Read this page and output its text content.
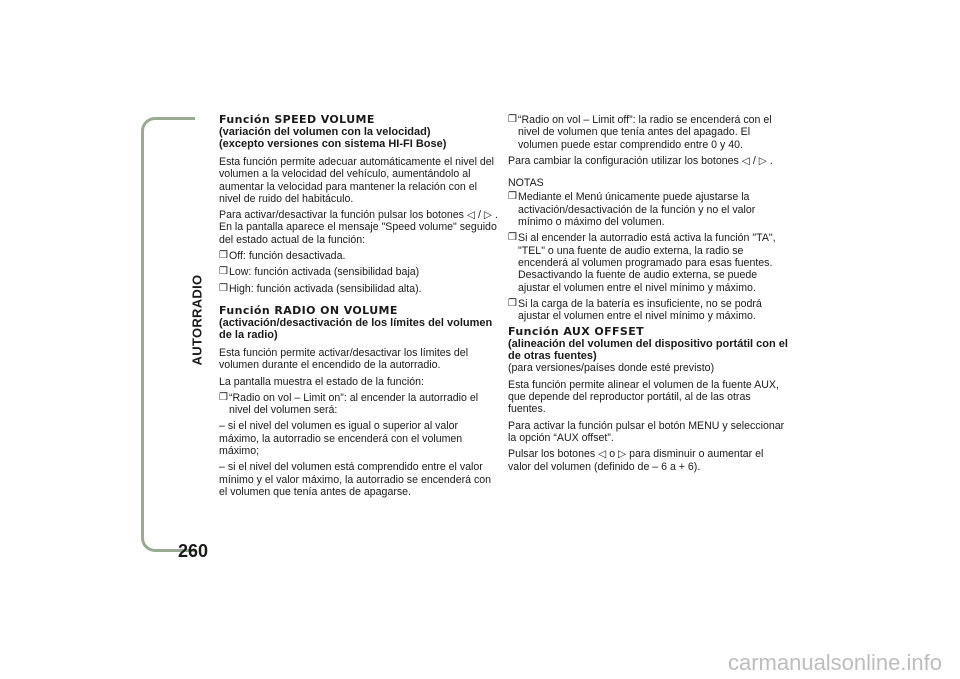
AUTORRADIO
260

Función SPEED VOLUME

(variación del volumen con la velocidad)

(excepto versiones con sistema HI-FI Bose)

Esta función permite adecuar automáticamente el nivel del volumen a la velocidad del vehículo, aumentándolo al aumentar la velocidad para mantener la relación con el nivel de ruido del habitáculo.

Para activar/desactivar la función pulsar los botones ◁ / ▷ . En la pantalla aparece el mensaje "Speed volume" seguido del estado actual de la función:

❒ Off: función desactivada.
❒ Low: función activada (sensibilidad baja)
❒ High: función activada (sensibilidad alta).

Función RADIO ON VOLUME

(activación/desactivación de los límites del volumen de la radio)

Esta función permite activar/desactivar los límites del volumen durante el encendido de la autorradio.

La pantalla muestra el estado de la función:

❒ “Radio on vol – Limit on”: al encender la autorradio el nivel del volumen será:

– si el nivel del volumen es igual o superior al valor máximo, la autorradio se encenderá con el volumen máximo;

– si el nivel del volumen está comprendido entre el valor mínimo y el valor máximo, la autorradio se encenderá con el volumen que tenía antes de apagarse.

❒ “Radio on vol – Limit off”: la radio se encenderá con el nivel de volumen que tenía antes del apagado. El volumen puede estar comprendido entre 0 y 40.

Para cambiar la configuración utilizar los botones ◁ / ▷ .

NOTAS

❒ Mediante el Menú únicamente puede ajustarse la activación/desactivación de la función y no el valor mínimo o máximo del volumen.
❒ Si al encender la autorradio está activa la función "TA", "TEL" o una fuente de audio externa, la radio se encenderá al volumen programado para esas fuentes. Desactivando la fuente de audio externa, se puede ajustar el volumen entre el nivel mínimo y máximo.
❒ Si la carga de la batería es insuficiente, no se podrá ajustar el volumen entre el nivel mínimo y máximo.

Función AUX OFFSET

(alineación del volumen del dispositivo portátil con el de otras fuentes)

(para versiones/países donde esté previsto)

Esta función permite alinear el volumen de la fuente AUX, que depende del reproductor portátil, al de las otras fuentes.

Para activar la función pulsar el botón MENU y seleccionar la opción “AUX offset”.

Pulsar los botones ◁ o ▷ para disminuir o aumentar el valor del volumen (definido de – 6 a + 6).

carmanualsonline.info
